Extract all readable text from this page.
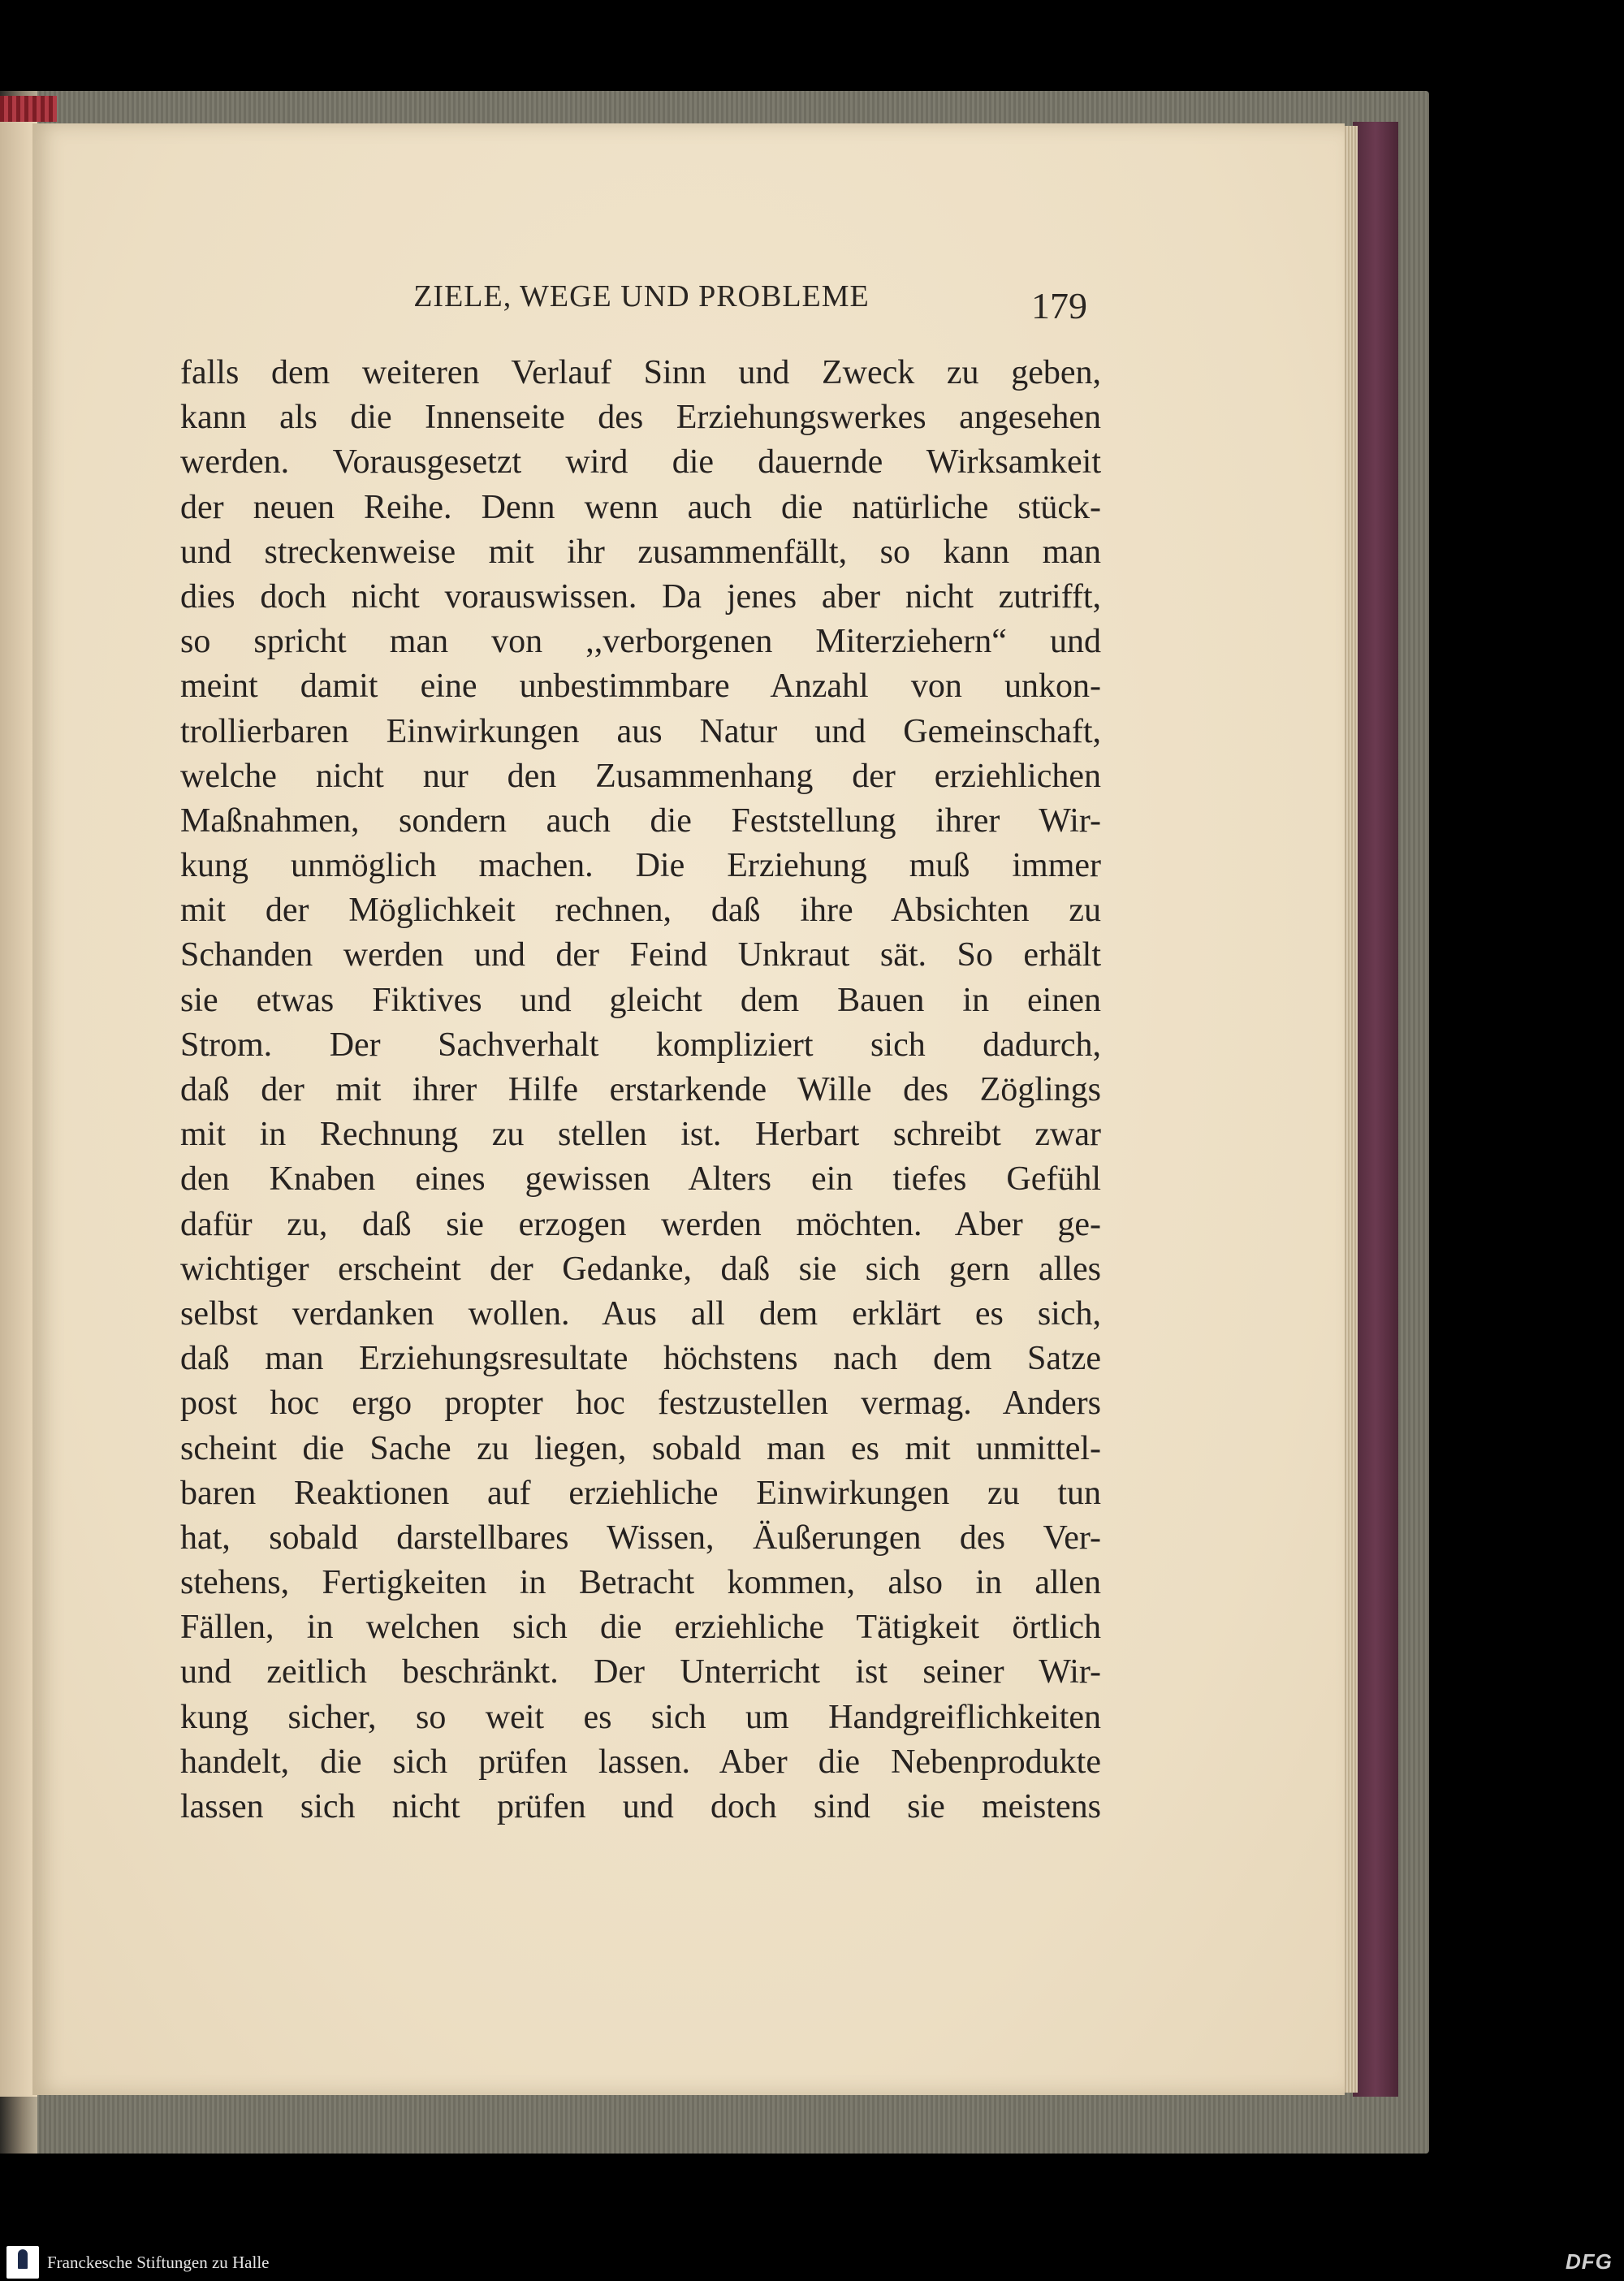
ZIELE, WEGE UND PROBLEME	179
falls dem weiteren Verlauf Sinn und Zweck zu geben,
kann als die Innenseite des Erziehungswerkes angesehen
werden. Vorausgesetzt wird die dauernde Wirksamkeit
der neuen Reihe. Denn wenn auch die natürliche stück-
und streckenweise mit ihr zusammenfällt, so kann man
dies doch nicht vorauswissen. Da jenes aber nicht zutrifft,
so spricht man von ,,verborgenen Miterziehern“ und
meint damit eine unbestimmbare Anzahl von unkon-
trollierbaren Einwirkungen aus Natur und Gemeinschaft,
welche nicht nur den Zusammenhang der erziehlichen
Maßnahmen, sondern auch die Feststellung ihrer Wir-
kung unmöglich machen. Die Erziehung muß immer
mit der Möglichkeit rechnen, daß ihre Absichten zu
Schanden werden und der Feind Unkraut sät. So erhält
sie etwas Fiktives und gleicht dem Bauen in einen
Strom. Der Sachverhalt kompliziert sich dadurch,
daß der mit ihrer Hilfe erstarkende Wille des Zöglings
mit in Rechnung zu stellen ist. Herbart schreibt zwar
den Knaben eines gewissen Alters ein tiefes Gefühl
dafür zu, daß sie erzogen werden möchten. Aber ge-
wichtiger erscheint der Gedanke, daß sie sich gern alles
selbst verdanken wollen. Aus all dem erklärt es sich,
daß man Erziehungsresultate höchstens nach dem Satze
post hoc ergo propter hoc festzustellen vermag. Anders
scheint die Sache zu liegen, sobald man es mit unmittel-
baren Reaktionen auf erziehliche Einwirkungen zu tun
hat, sobald darstellbares Wissen, Äußerungen des Ver-
stehens, Fertigkeiten in Betracht kommen, also in allen
Fällen, in welchen sich die erziehliche Tätigkeit örtlich
und zeitlich beschränkt. Der Unterricht ist seiner Wir-
kung sicher, so weit es sich um Handgreiflichkeiten
handelt, die sich prüfen lassen. Aber die Nebenprodukte
lassen sich nicht prüfen und doch sind sie meistens
Franckesche Stiftungen zu Halle	DFG
